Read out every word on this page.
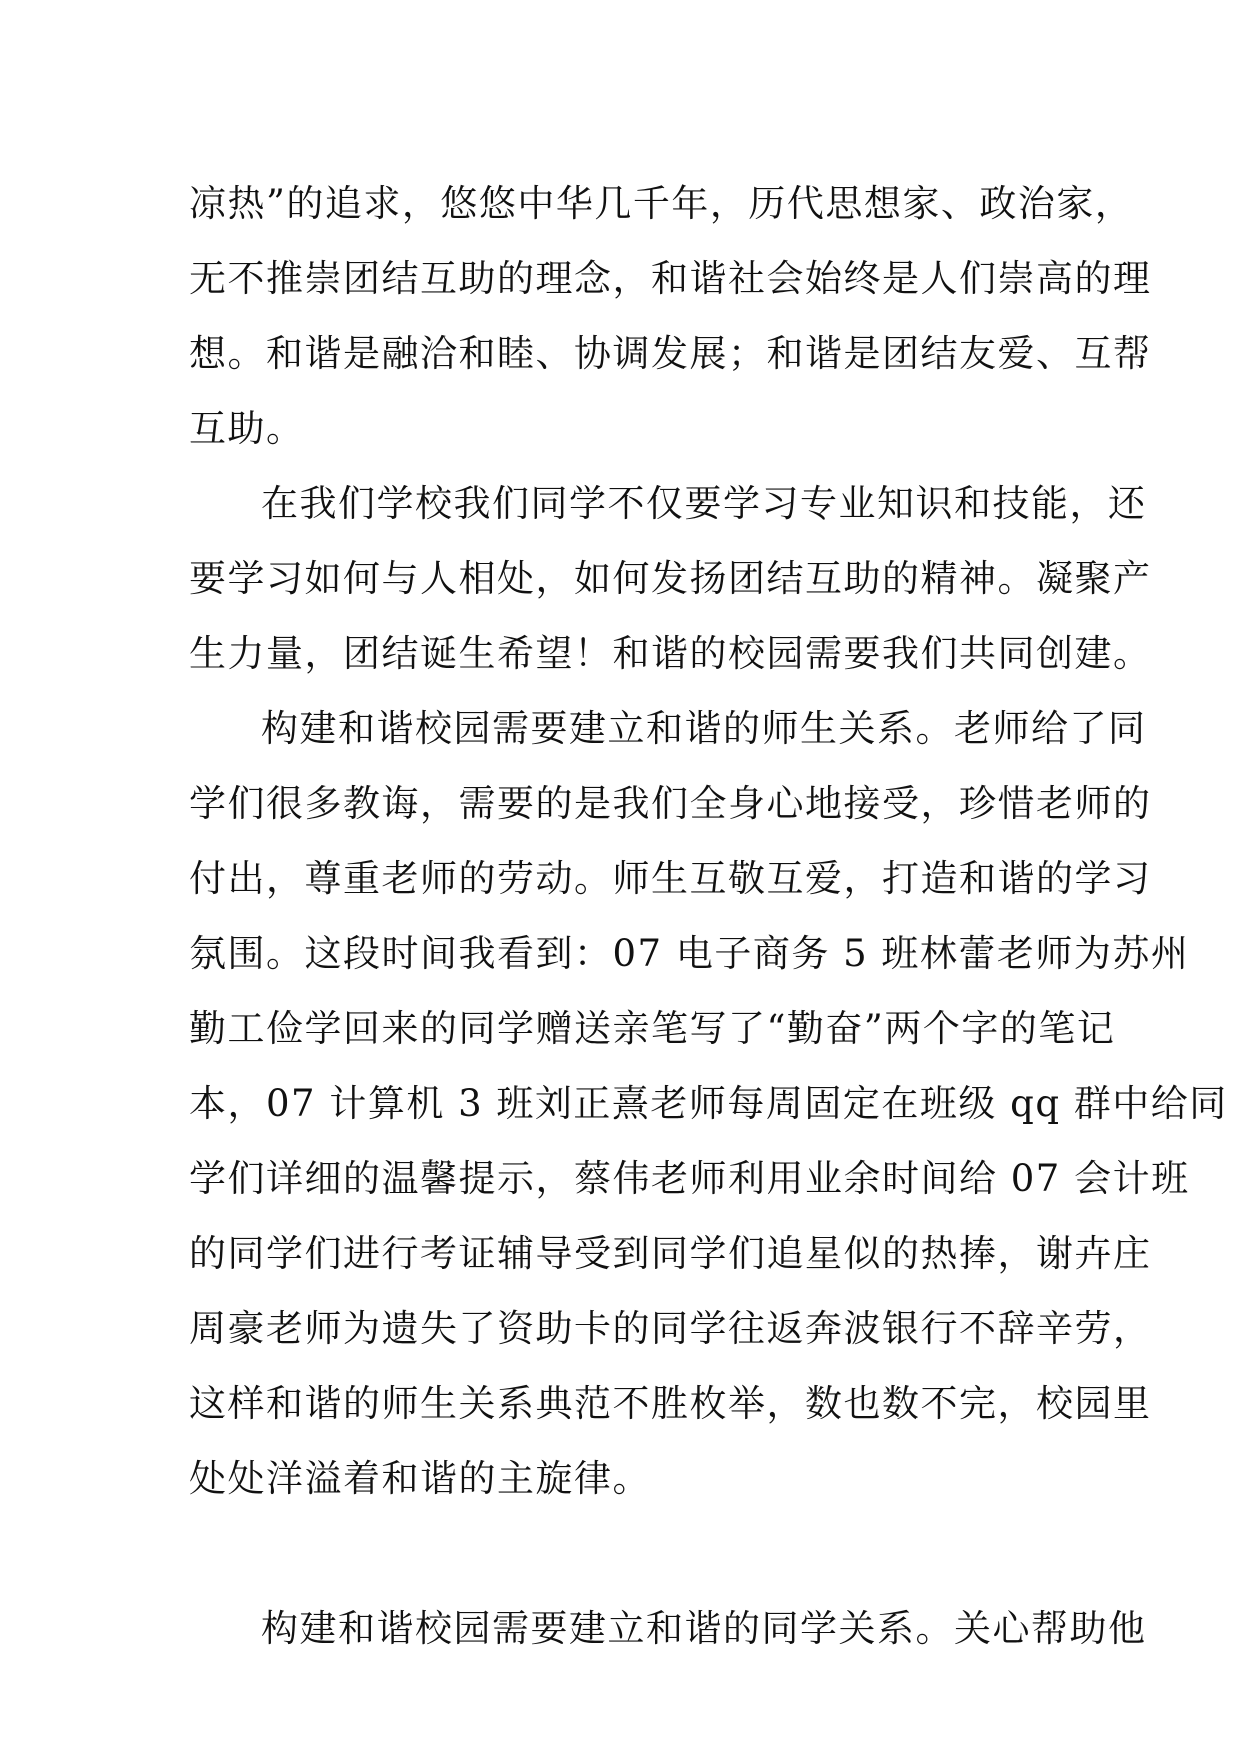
凉热”的追求，悠悠中华几千年，历代思想家、政治家，
无不推崇团结互助的理念，和谐社会始终是人们崇高的理
想。和谐是融洽和睦、协调发展；和谐是团结友爱、互帮
互助。
在我们学校我们同学不仅要学习专业知识和技能，还
要学习如何与人相处，如何发扬团结互助的精神。凝聚产
生力量，团结诞生希望！和谐的校园需要我们共同创建。
构建和谐校园需要建立和谐的师生关系。老师给了同
学们很多教诲，需要的是我们全身心地接受，珍惜老师的
付出，尊重老师的劳动。师生互敬互爱，打造和谐的学习
氛围。这段时间我看到：07 电子商务 5 班林蕾老师为苏州
勤工俭学回来的同学赠送亲笔写了“勤奋”两个字的笔记
本，07 计算机 3 班刘正熹老师每周固定在班级 qq 群中给同
学们详细的温馨提示，蔡伟老师利用业余时间给 07 会计班
的同学们进行考证辅导受到同学们追星似的热捧，谢卉庄
周豪老师为遗失了资助卡的同学往返奔波银行不辞辛劳，
这样和谐的师生关系典范不胜枚举，数也数不完，校园里
处处洋溢着和谐的主旋律。
构建和谐校园需要建立和谐的同学关系。关心帮助他
